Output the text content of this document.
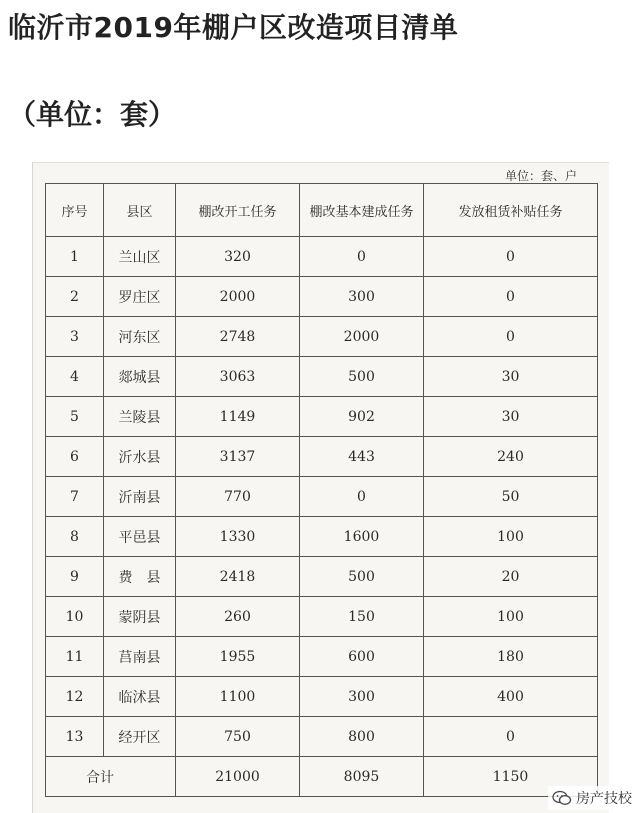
临沂市2019年棚户区改造项目清单
（单位：套）
单位：套、户
序号	县区	棚改开工任务	棚改基本建成任务	发放租赁补贴任务
1	兰山区	320	0	0
2	罗庄区	2000	300	0
3	河东区	2748	2000	0
4	郯城县	3063	500	30
5	兰陵县	1149	902	30
6	沂水县	3137	443	240
7	沂南县	770	0	50
8	平邑县	1330	1600	100
9	费　县	2418	500	20
10	蒙阴县	260	150	100
11	莒南县	1955	600	180
12	临沭县	1100	300	400
13	经开区	750	800	0
合计		21000	8095	1150
房产技校
